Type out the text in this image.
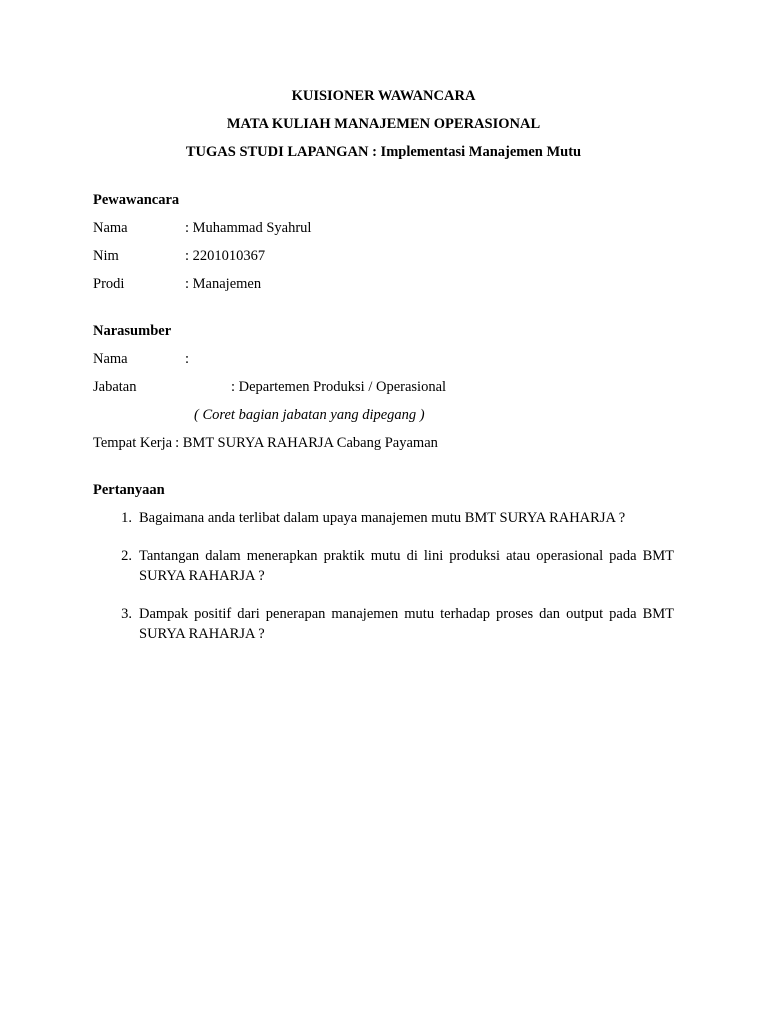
KUISIONER WAWANCARA
MATA KULIAH MANAJEMEN OPERASIONAL
TUGAS STUDI LAPANGAN : Implementasi Manajemen Mutu
Pewawancara
Nama	: Muhammad Syahrul
Nim	: 2201010367
Prodi	: Manajemen
Narasumber
Nama	:
Jabatan	: Departemen Produksi / Operasional
( Coret bagian jabatan yang dipegang )
Tempat Kerja : BMT SURYA RAHARJA Cabang Payaman
Pertanyaan
1. Bagaimana anda terlibat dalam upaya manajemen mutu BMT SURYA RAHARJA ?
2. Tantangan dalam menerapkan praktik mutu di lini produksi atau operasional pada BMT SURYA RAHARJA ?
3. Dampak positif dari penerapan manajemen mutu terhadap proses dan output pada BMT SURYA RAHARJA ?
